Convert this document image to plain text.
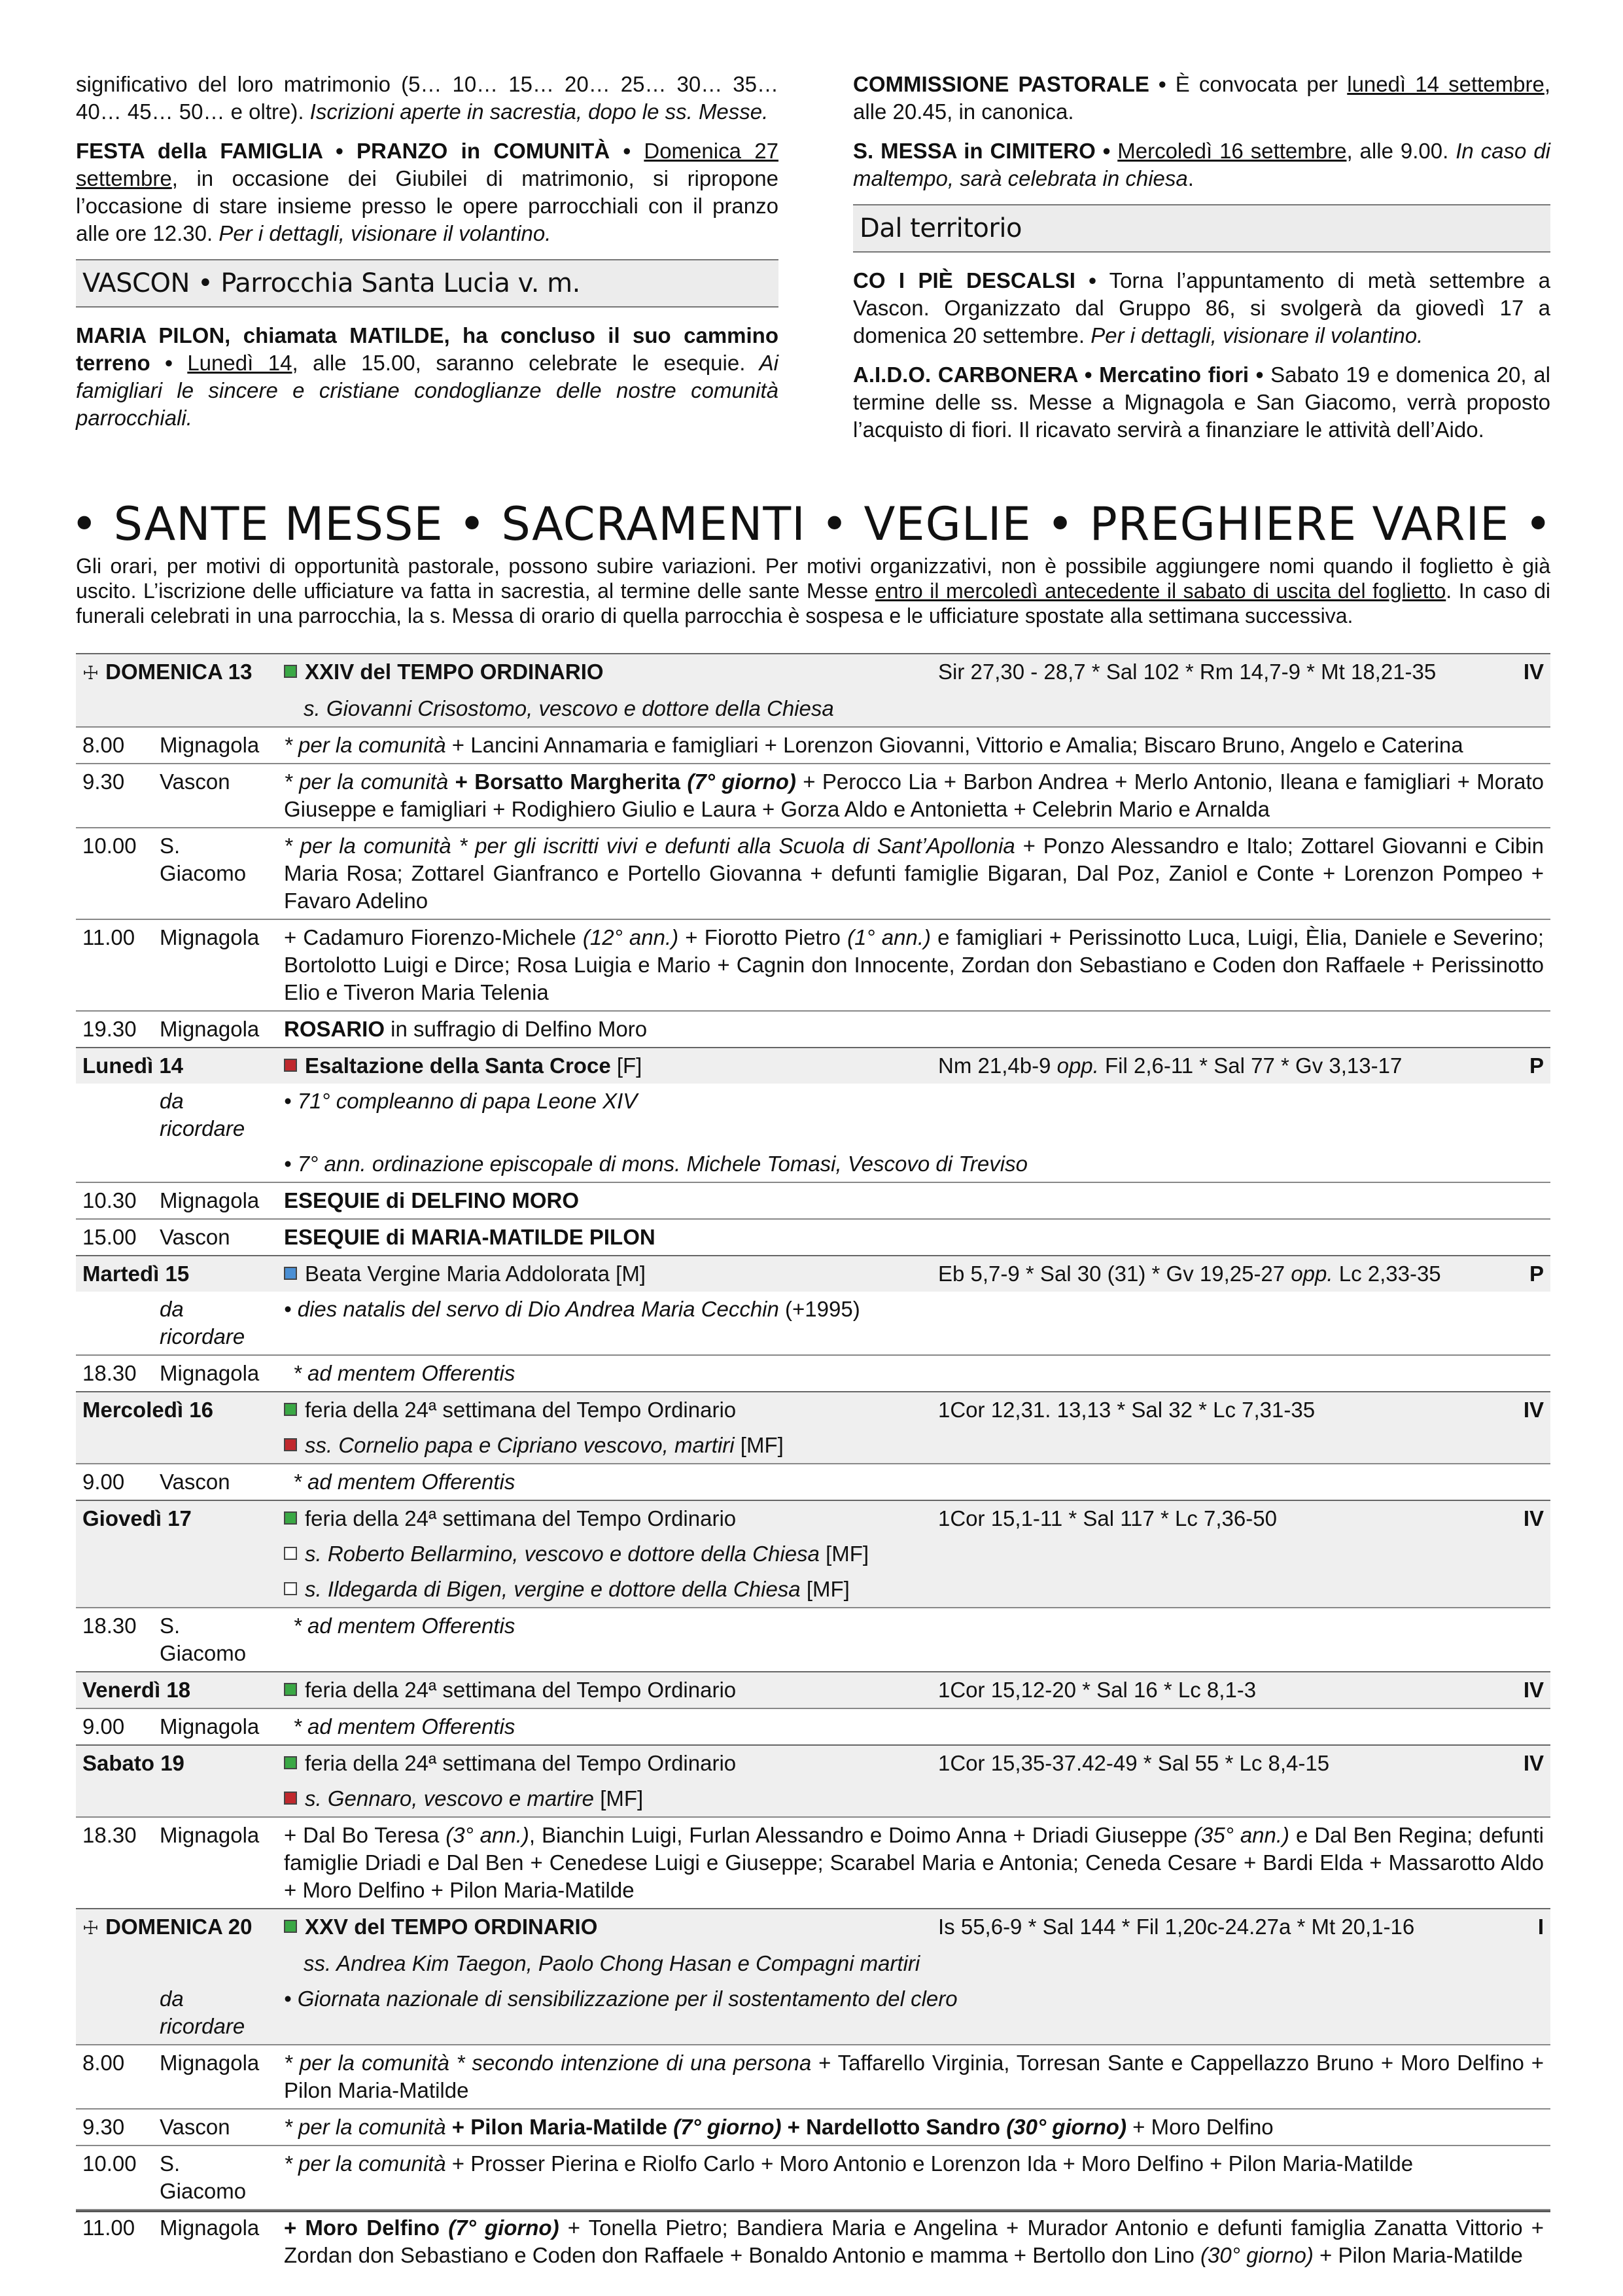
significativo del loro matrimonio (5… 10… 15… 20… 25… 30… 35… 40… 45… 50… e oltre). Iscrizioni aperte in sacrestia, dopo le ss. Messe.

FESTA della FAMIGLIA • PRANZO in COMUNITÀ • Domenica 27 settembre, in occasione dei Giubilei di matrimonio, si ripropone l’occasione di stare insieme presso le opere parrocchiali con il pranzo alle ore 12.30. Per i dettagli, visionare il volantino.

VASCON • Parrocchia Santa Lucia v. m.

MARIA PILON, chiamata MATILDE, ha concluso il suo cammino terreno • Lunedì 14, alle 15.00, saranno celebrate le esequie. Ai famigliari le sincere e cristiane condoglianze delle nostre comunità parrocchiali.

COMMISSIONE PASTORALE • È convocata per lunedì 14 settembre, alle 20.45, in canonica.

S. MESSA in CIMITERO • Mercoledì 16 settembre, alle 9.00. In caso di maltempo, sarà celebrata in chiesa.

Dal territorio

CO I PIÈ DESCALSI • Torna l’appuntamento di metà settembre a Vascon. Organizzato dal Gruppo 86, si svolgerà da giovedì 17 a domenica 20 settembre. Per i dettagli, visionare il volantino.

A.I.D.O. CARBONERA • Mercatino fiori • Sabato 19 e domenica 20, al termine delle ss. Messe a Mignagola e San Giacomo, verrà proposto l’acquisto di fiori. Il ricavato servirà a finanziare le attività dell’Aido.

• SANTE MESSE • SACRAMENTI • VEGLIE • PREGHIERE VARIE •
Gli orari, per motivi di opportunità pastorale, possono subire variazioni. Per motivi organizzativi, non è possibile aggiungere nomi quando il foglietto è già uscito. L’iscrizione delle ufficiature va fatta in sacrestia, al termine delle sante Messe entro il mercoledì antecedente il sabato di uscita del foglietto. In caso di funerali celebrati in una parrocchia, la s. Messa di orario di quella parrocchia è sospesa e le ufficiature spostate alla settimana successiva.
☩ DOMENICA 13		XXIV del TEMPO ORDINARIO	Sir 27,30 - 28,7 * Sal 102 * Rm 14,7-9 * Mt 18,21-35	IV
		s. Giovanni Crisostomo, vescovo e dottore della Chiesa		
8.00	Mignagola	* per la comunità + Lancini Annamaria e famigliari + Lorenzon Giovanni, Vittorio e Amalia; Biscaro Bruno, Angelo e Caterina		
9.30	Vascon	* per la comunità + Borsatto Margherita (7° giorno) + Perocco Lia + Barbon Andrea + Merlo Antonio, Ileana e famigliari + Morato Giuseppe e famigliari + Rodighiero Giulio e Laura + Gorza Aldo e Antonietta + Celebrin Mario e Arnalda		
10.00	S. Giacomo	* per la comunità * per gli iscritti vivi e defunti alla Scuola di Sant’Apollonia + Ponzo Alessandro e Italo; Zottarel Giovanni e Cibin Maria Rosa; Zottarel Gianfranco e Portello Giovanna + defunti famiglie Bigaran, Dal Poz, Zaniol e Conte + Lorenzon Pompeo + Favaro Adelino		
11.00	Mignagola	+ Cadamuro Fiorenzo-Michele (12° ann.) + Fiorotto Pietro (1° ann.) e famigliari + Perissinotto Luca, Luigi, Èlia, Daniele e Severino; Bortolotto Luigi e Dirce; Rosa Luigia e Mario + Cagnin don Innocente, Zordan don Sebastiano e Coden don Raffaele + Perissinotto Elio e Tiveron Maria Telenia		
19.30	Mignagola	ROSARIO in suffragio di Delfino Moro		
Lunedì 14		Esaltazione della Santa Croce [F]	Nm 21,4b-9 opp. Fil 2,6-11 * Sal 77 * Gv 3,13-17	P
	da ricordare	• 71° compleanno di papa Leone XIV		
		• 7° ann. ordinazione episcopale di mons. Michele Tomasi, Vescovo di Treviso		
10.30	Mignagola	ESEQUIE di DELFINO MORO		
15.00	Vascon	ESEQUIE di MARIA-MATILDE PILON		
Martedì 15		Beata Vergine Maria Addolorata [M]	Eb 5,7-9 * Sal 30 (31) * Gv 19,25-27 opp. Lc 2,33-35	P
	da ricordare	• dies natalis del servo di Dio Andrea Maria Cecchin (+1995)		
18.30	Mignagola	* ad mentem Offerentis		
Mercoledì 16		feria della 24ª settimana del Tempo Ordinario	1Cor 12,31. 13,13 * Sal 32 * Lc 7,31-35	IV
		ss. Cornelio papa e Cipriano vescovo, martiri [MF]		
9.00	Vascon	* ad mentem Offerentis		
Giovedì 17		feria della 24ª settimana del Tempo Ordinario	1Cor 15,1-11 * Sal 117 * Lc 7,36-50	IV
		s. Roberto Bellarmino, vescovo e dottore della Chiesa [MF]		
		s. Ildegarda di Bigen, vergine e dottore della Chiesa [MF]		
18.30	S. Giacomo	* ad mentem Offerentis		
Venerdì 18		feria della 24ª settimana del Tempo Ordinario	1Cor 15,12-20 * Sal 16 * Lc 8,1-3	IV
9.00	Mignagola	* ad mentem Offerentis		
Sabato 19		feria della 24ª settimana del Tempo Ordinario	1Cor 15,35-37.42-49 * Sal 55 * Lc 8,4-15	IV
		s. Gennaro, vescovo e martire [MF]		
18.30	Mignagola	+ Dal Bo Teresa (3° ann.), Bianchin Luigi, Furlan Alessandro e Doimo Anna + Driadi Giuseppe (35° ann.) e Dal Ben Regina; defunti famiglie Driadi e Dal Ben + Cenedese Luigi e Giuseppe; Scarabel Maria e Antonia; Ceneda Cesare + Bardi Elda + Massarotto Aldo + Moro Delfino + Pilon Maria-Matilde		
☩ DOMENICA 20		XXV del TEMPO ORDINARIO	Is 55,6-9 * Sal 144 * Fil 1,20c-24.27a * Mt 20,1-16	I
		ss. Andrea Kim Taegon, Paolo Chong Hasan e Compagni martiri		
	da ricordare	• Giornata nazionale di sensibilizzazione per il sostentamento del clero		
8.00	Mignagola	* per la comunità * secondo intenzione di una persona + Taffarello Virginia, Torresan Sante e Cappellazzo Bruno + Moro Delfino + Pilon Maria-Matilde		
9.30	Vascon	* per la comunità + Pilon Maria-Matilde (7° giorno) + Nardellotto Sandro (30° giorno) + Moro Delfino		
10.00	S. Giacomo	* per la comunità + Prosser Pierina e Riolfo Carlo + Moro Antonio e Lorenzon Ida + Moro Delfino + Pilon Maria-Matilde		
11.00	Mignagola	+ Moro Delfino (7° giorno) + Tonella Pietro; Bandiera Maria e Angelina + Murador Antonio e defunti famiglia Zanatta Vittorio + Zordan don Sebastiano e Coden don Raffaele + Bonaldo Antonio e mamma + Bertollo don Lino (30° giorno) + Pilon Maria-Matilde		
